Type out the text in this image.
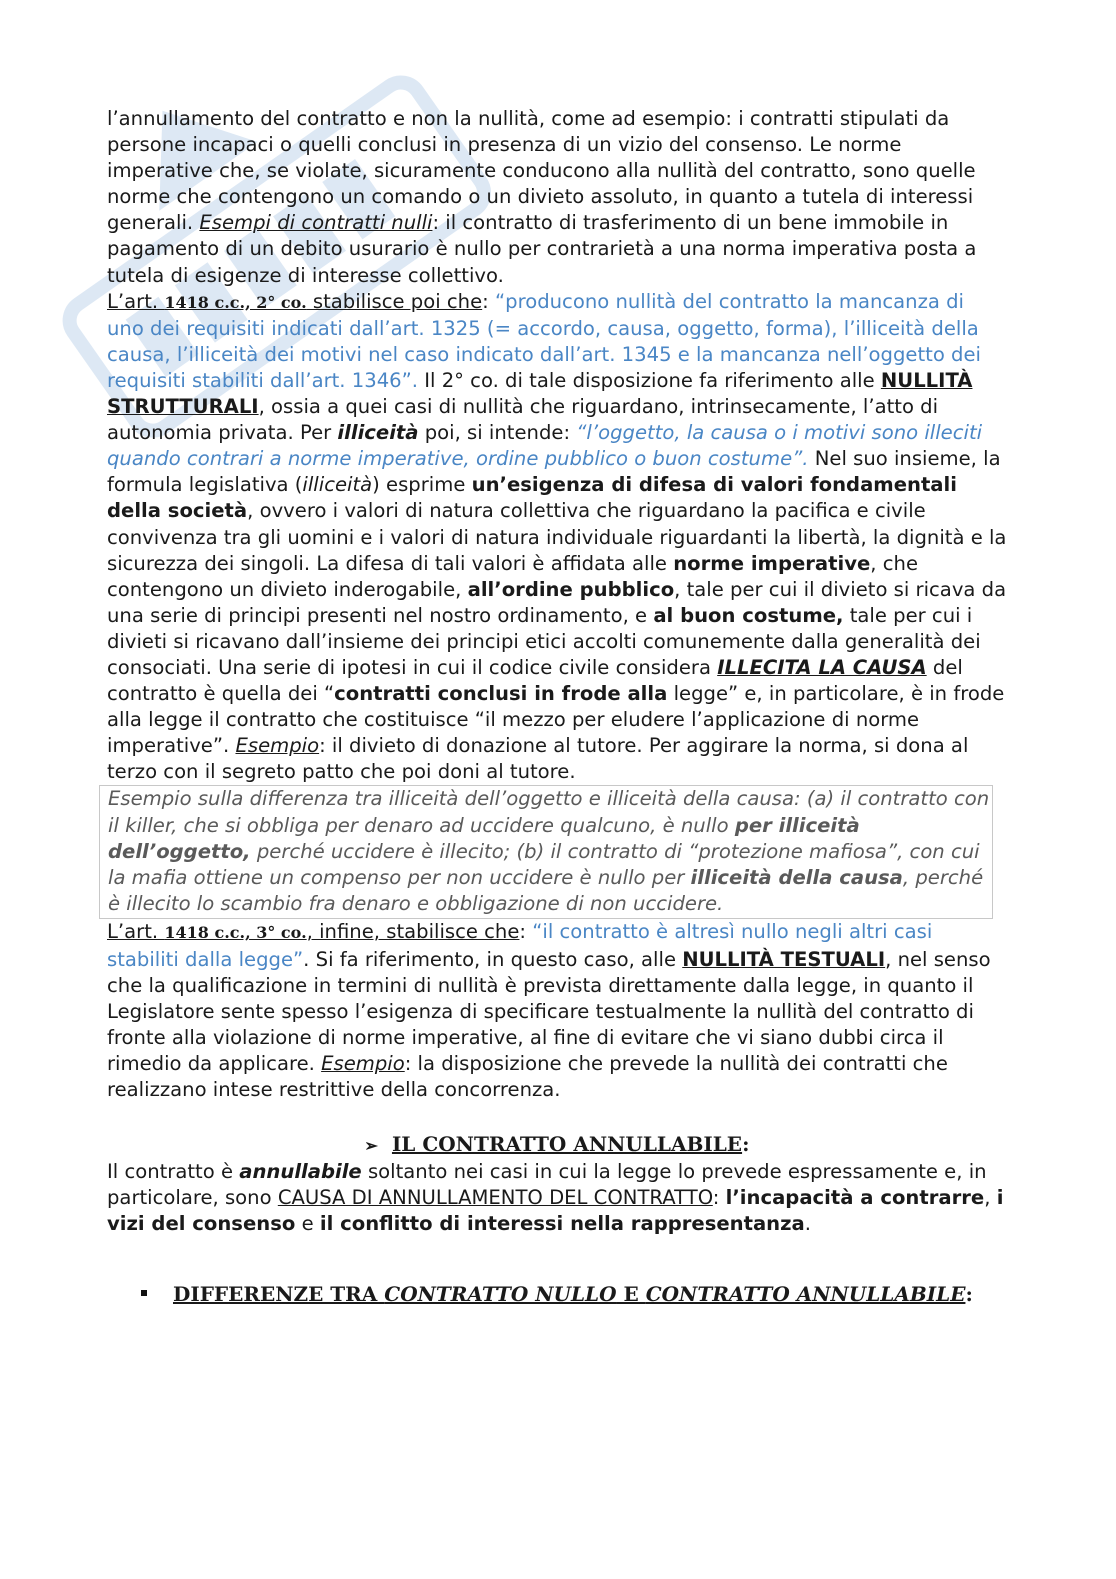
l’annullamento del contratto e non la nullità, come ad esempio: i contratti stipulati da persone incapaci o quelli conclusi in presenza di un vizio del consenso. Le norme imperative che, se violate, sicuramente conducono alla nullità del contratto, sono quelle norme che contengono un comando o un divieto assoluto, in quanto a tutela di interessi generali. Esempi di contratti nulli: il contratto di trasferimento di un bene immobile in pagamento di un debito usurario è nullo per contrarietà a una norma imperativa posta a tutela di esigenze di interesse collettivo.

L’art. 1418 c.c., 2° co. stabilisce poi che: “producono nullità del contratto la mancanza di uno dei requisiti indicati dall’art. 1325 (= accordo, causa, oggetto, forma), l’illiceità della causa, l’illiceità dei motivi nel caso indicato dall’art. 1345 e la mancanza nell’oggetto dei requisiti stabiliti dall’art. 1346”. Il 2° co. di tale disposizione fa riferimento alle NULLITÀ STRUTTURALI, ossia a quei casi di nullità che riguardano, intrinsecamente, l’atto di autonomia privata. Per illiceità poi, si intende: “l’oggetto, la causa o i motivi sono illeciti quando contrari a norme imperative, ordine pubblico o buon costume”. Nel suo insieme, la formula legislativa (illiceità) esprime un’esigenza di difesa di valori fondamentali della società, ovvero i valori di natura collettiva che riguardano la pacifica e civile convivenza tra gli uomini e i valori di natura individuale riguardanti la libertà, la dignità e la sicurezza dei singoli. La difesa di tali valori è affidata alle norme imperative, che contengono un divieto inderogabile, all’ordine pubblico, tale per cui il divieto si ricava da una serie di principi presenti nel nostro ordinamento, e al buon costume, tale per cui i divieti si ricavano dall’insieme dei principi etici accolti comunemente dalla generalità dei consociati. Una serie di ipotesi in cui il codice civile considera ILLECITA LA CAUSA del contratto è quella dei “contratti conclusi in frode alla legge” e, in particolare, è in frode alla legge il contratto che costituisce “il mezzo per eludere l’applicazione di norme imperative”. Esempio: il divieto di donazione al tutore. Per aggirare la norma, si dona al terzo con il segreto patto che poi doni al tutore.

Esempio sulla differenza tra illiceità dell’oggetto e illiceità della causa: (a) il contratto con il killer, che si obbliga per denaro ad uccidere qualcuno, è nullo per illiceità dell’oggetto, perché uccidere è illecito; (b) il contratto di “protezione mafiosa”, con cui la mafia ottiene un compenso per non uccidere è nullo per illiceità della causa, perché è illecito lo scambio fra denaro e obbligazione di non uccidere.

L’art. 1418 c.c., 3° co., infine, stabilisce che: “il contratto è altresì nullo negli altri casi stabiliti dalla legge”. Si fa riferimento, in questo caso, alle NULLITÀ TESTUALI, nel senso che la qualificazione in termini di nullità è prevista direttamente dalla legge, in quanto il Legislatore sente spesso l’esigenza di specificare testualmente la nullità del contratto di fronte alla violazione di norme imperative, al fine di evitare che vi siano dubbi circa il rimedio da applicare. Esempio: la disposizione che prevede la nullità dei contratti che realizzano intese restrittive della concorrenza.

➢ IL CONTRATTO ANNULLABILE:

Il contratto è annullabile soltanto nei casi in cui la legge lo prevede espressamente e, in particolare, sono CAUSA DI ANNULLAMENTO DEL CONTRATTO: l’incapacità a contrarre, i vizi del consenso e il conflitto di interessi nella rappresentanza.

DIFFERENZE TRA CONTRATTO NULLO E CONTRATTO ANNULLABILE:
